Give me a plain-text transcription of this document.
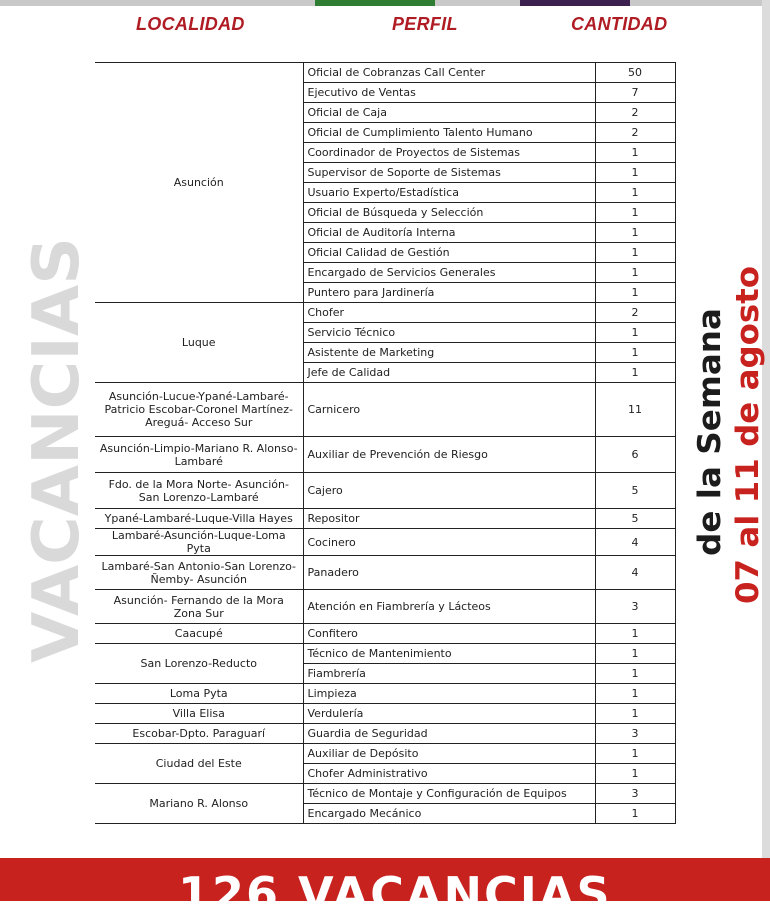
LOCALIDAD	PERFIL	CANTIDAD
VACANCIAS	de la Semana 07 al 11 de agosto
Asunción	Oficial de Cobranzas Call Center	50
	Ejecutivo de Ventas	7
	Oficial de Caja	2
	Oficial de Cumplimiento Talento Humano	2
	Coordinador de Proyectos de Sistemas	1
	Supervisor de Soporte de Sistemas	1
	Usuario Experto/Estadística	1
	Oficial de Búsqueda y Selección	1
	Oficial de Auditoría Interna	1
	Oficial Calidad de Gestión	1
	Encargado de Servicios Generales	1
	Puntero para Jardinería	1
Luque	Chofer	2
	Servicio Técnico	1
	Asistente de Marketing	1
	Jefe de Calidad	1
Asunción-Lucue-Ypané-Lambaré-Patricio Escobar-Coronel Martínez-Areguá- Acceso Sur	Carnicero	11
Asunción-Limpio-Mariano R. Alonso-Lambaré	Auxiliar de Prevención de Riesgo	6
Fdo. de la Mora Norte- Asunción-San Lorenzo-Lambaré	Cajero	5
Ypané-Lambaré-Luque-Villa Hayes	Repositor	5
Lambaré-Asunción-Luque-Loma Pyta	Cocinero	4
Lambaré-San Antonio-San Lorenzo-Ñemby- Asunción	Panadero	4
Asunción- Fernando de la Mora Zona Sur	Atención en Fiambrería y Lácteos	3
Caacupé	Confitero	1
San Lorenzo-Reducto	Técnico de Mantenimiento	1
	Fiambrería	1
Loma Pyta	Limpieza	1
Villa Elisa	Verdulería	1
Escobar-Dpto. Paraguarí	Guardia de Seguridad	3
Ciudad del Este	Auxiliar de Depósito	1
	Chofer Administrativo	1
Mariano R. Alonso	Técnico de Montaje y Configuración de Equipos	3
	Encargado Mecánico	1
126 VACANCIAS
